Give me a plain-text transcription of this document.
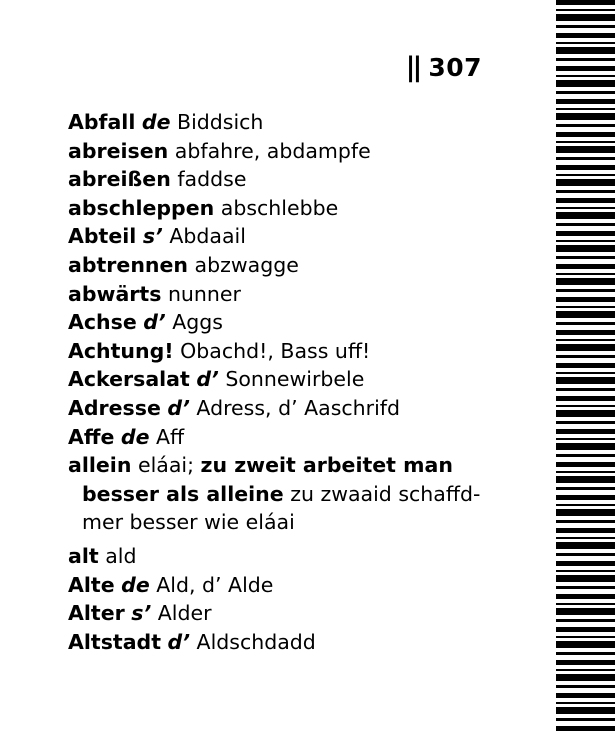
|| 307

Abfall de Biddsich

abreisen abfahre, abdampfe

abreißen faddse

abschleppen abschlebbe

Abteil s’ Abdaail

abtrennen abzwagge

abwärts nunner

Achse d’ Aggs

Achtung! Obachd!, Bass uff!

Ackersalat d’ Sonnewirbele

Adresse d’ Adress, d’ Aaschrifd

Affe de Aff

allein eláai; zu zweit arbeitet man
besser als alleine zu zwaaid schaffd-
mer besser wie eláai

alt ald

Alte de Ald, d’ Alde

Alter s’ Alder

Altstadt d’ Aldschdadd
